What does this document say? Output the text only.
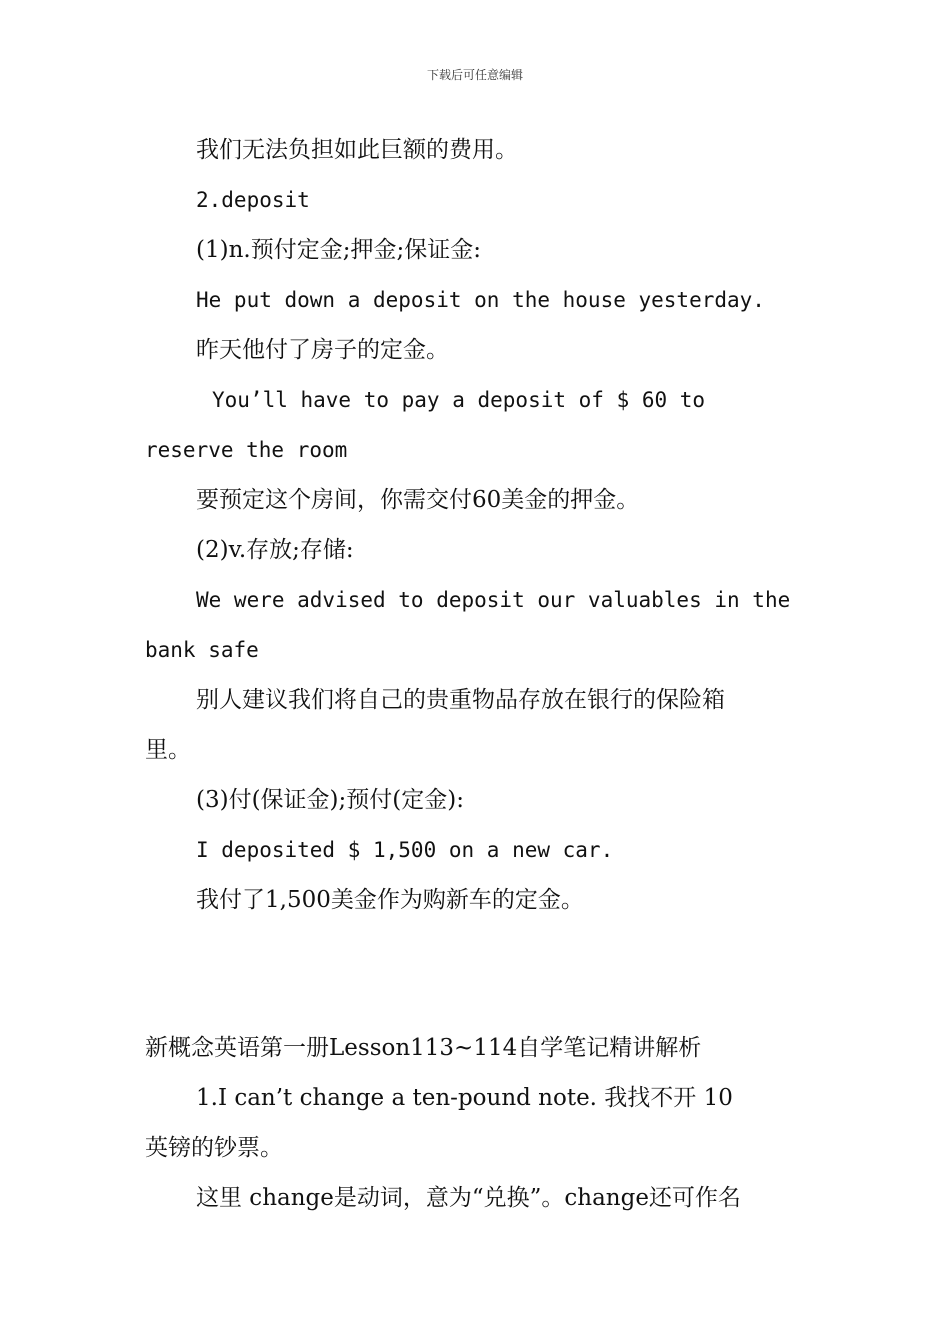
下载后可任意编辑
我们无法负担如此巨额的费用。
2.deposit
(1)n.预付定金;押金;保证金:
He put down a deposit on the house yesterday.
昨天他付了房子的定金。
You’ll have to pay a deposit of $ 60 to
reserve the room
要预定这个房间，你需交付60美金的押金。
(2)v.存放;存储:
We were advised to deposit our valuables in the
bank safe
别人建议我们将自己的贵重物品存放在银行的保险箱
里。
(3)付(保证金);预付(定金):
I deposited $ 1,500 on a new car.
我付了1,500美金作为购新车的定金。
新概念英语第一册Lesson113~114自学笔记精讲解析
1.I can’t change a ten-pound note. 我找不开 10
英镑的钞票。
这里 change是动词，意为“兑换”。change还可作名
